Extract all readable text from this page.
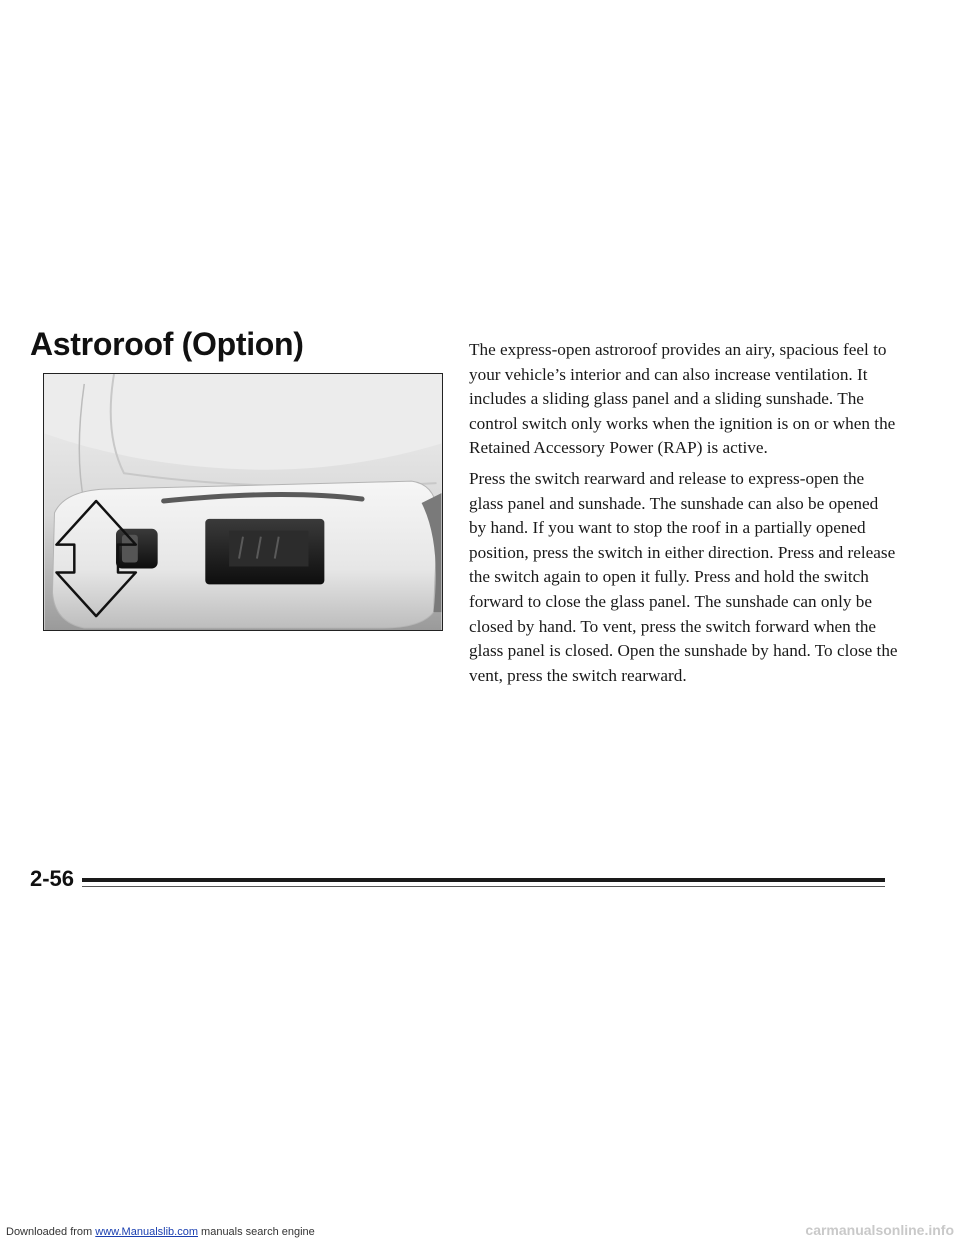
Astroroof (Option)	The express-open astroroof provides an airy, spacious feel to your vehicle’s interior and can also increase ventilation. It includes a sliding glass panel and a sliding sunshade. The control switch only works when the ignition is on or when the Retained Accessory Power (RAP) is active.

Press the switch rearward and release to express-open the glass panel and sunshade. The sunshade can also be opened by hand. If you want to stop the roof in a partially opened position, press the switch in either direction. Press and release the switch again to open it fully. Press and hold the switch forward to close the glass panel. The sunshade can only be closed by hand. To vent, press the switch forward when the glass panel is closed. Open the sunshade by hand. To close the vent, press the switch rearward.

2-56
Downloaded from www.Manualslib.com manuals search engine	carmanualsonline.info
